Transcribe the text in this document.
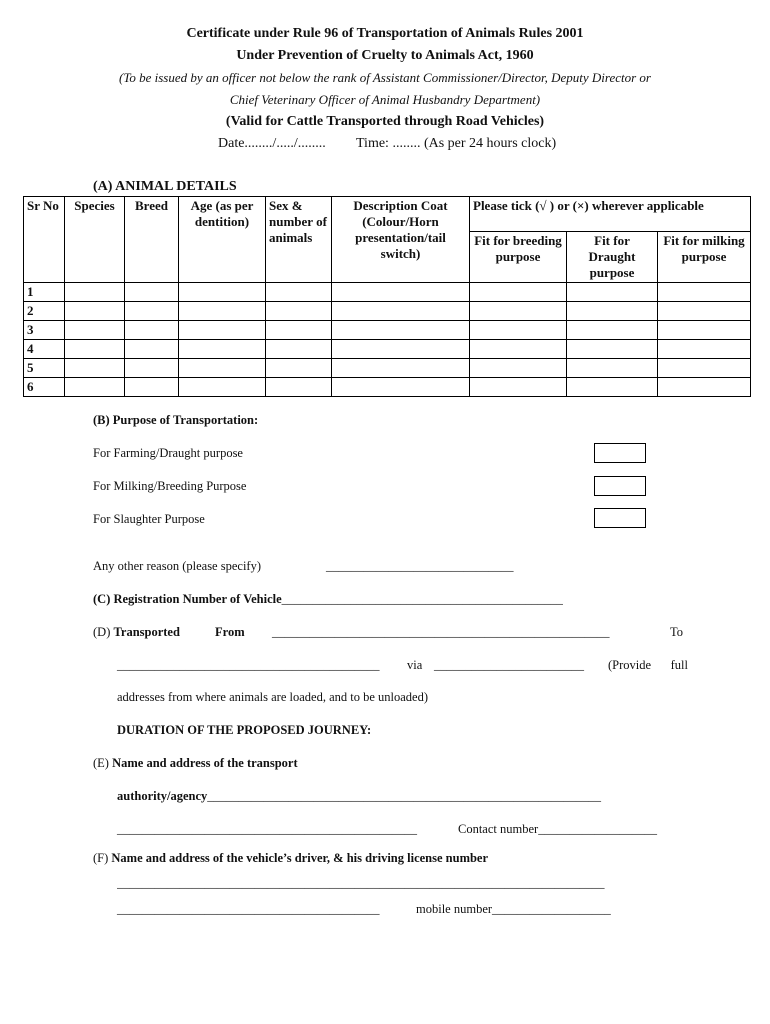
Certificate under Rule 96 of Transportation of Animals Rules 2001
Under Prevention of Cruelty to Animals Act, 1960
(To be issued by an officer not below the rank of Assistant Commissioner/Director, Deputy Director or
Chief Veterinary Officer of Animal Husbandry Department)
(Valid for Cattle Transported through Road Vehicles)
Date......../...../........ Time: ........ (As per 24 hours clock)
(A) ANIMAL DETAILS
Sr No	Species	Breed	Age (as per dentition)	Sex & number of animals	Description Coat (Colour/Horn presentation/tail switch)	Please tick (√ ) or (×) wherever applicable		
						Fit for breeding purpose	Fit for Draught purpose	Fit for milking purpose
1								
2								
3								
4								
5								
6								
(B) Purpose of Transportation:
For Farming/Draught purpose
For Milking/Breeding Purpose
For Slaughter Purpose
Any other reason (please specify)	______________________________
(C) Registration Number of Vehicle_____________________________________________
(D) Transported	From ______________________________________________________	To
__________________________________________ via ________________________ (Provide full
addresses from where animals are loaded, and to be unloaded)
DURATION OF THE PROPOSED JOURNEY:
(E) Name and address of the transport
authority/agency_______________________________________________________________
________________________________________________	Contact number___________________
(F) Name and address of the vehicle’s driver, & his driving license number
______________________________________________________________________________
__________________________________________	mobile number___________________
